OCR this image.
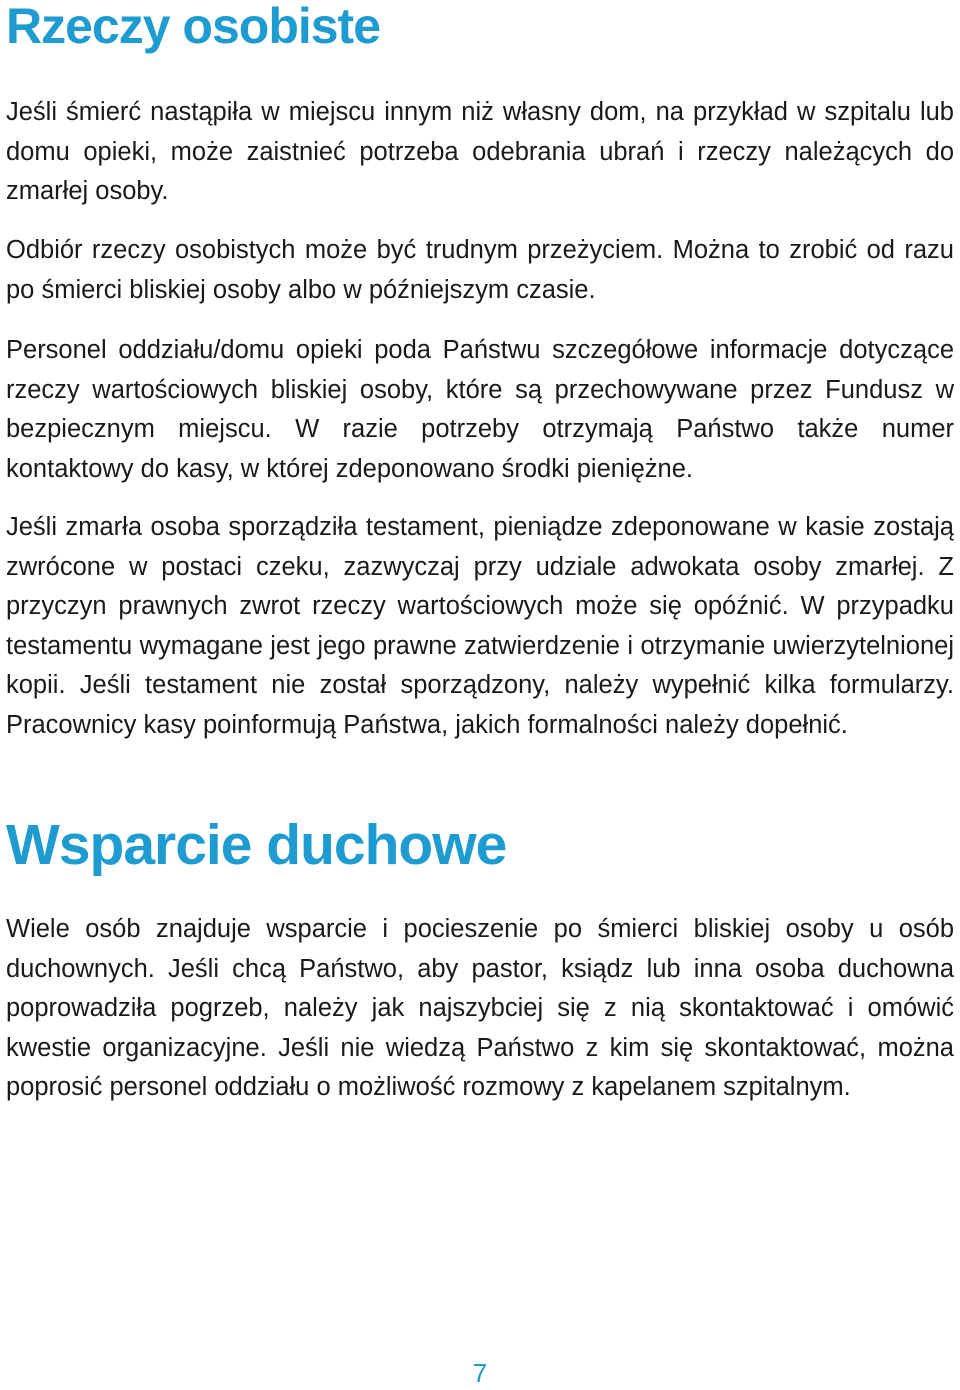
Rzeczy osobiste

Jeśli śmierć nastąpiła w miejscu innym niż własny dom, na przykład w szpitalu lub domu opieki, może zaistnieć potrzeba odebrania ubrań i rzeczy należących do zmarłej osoby.

Odbiór rzeczy osobistych może być trudnym przeżyciem. Można to zrobić od razu po śmierci bliskiej osoby albo w późniejszym czasie.

Personel oddziału/domu opieki poda Państwu szczegółowe informacje dotyczące rzeczy wartościowych bliskiej osoby, które są przechowywane przez Fundusz w bezpiecznym miejscu. W razie potrzeby otrzymają Państwo także numer kontaktowy do kasy, w której zdeponowano środki pieniężne.

Jeśli zmarła osoba sporządziła testament, pieniądze zdeponowane w kasie zostają zwrócone w postaci czeku, zazwyczaj przy udziale adwokata osoby zmarłej. Z przyczyn prawnych zwrot rzeczy wartościowych może się opóźnić. W przypadku testamentu wymagane jest jego prawne zatwierdzenie i otrzymanie uwierzytelnionej kopii. Jeśli testament nie został sporządzony, należy wypełnić kilka formularzy. Pracownicy kasy poinformują Państwa, jakich formalności należy dopełnić.

Wsparcie duchowe

Wiele osób znajduje wsparcie i pocieszenie po śmierci bliskiej osoby u osób duchownych. Jeśli chcą Państwo, aby pastor, ksiądz lub inna osoba duchowna poprowadziła pogrzeb, należy jak najszybciej się z nią skontaktować i omówić kwestie organizacyjne. Jeśli nie wiedzą Państwo z kim się skontaktować, można poprosić personel oddziału o możliwość rozmowy z kapelanem szpitalnym.

7
